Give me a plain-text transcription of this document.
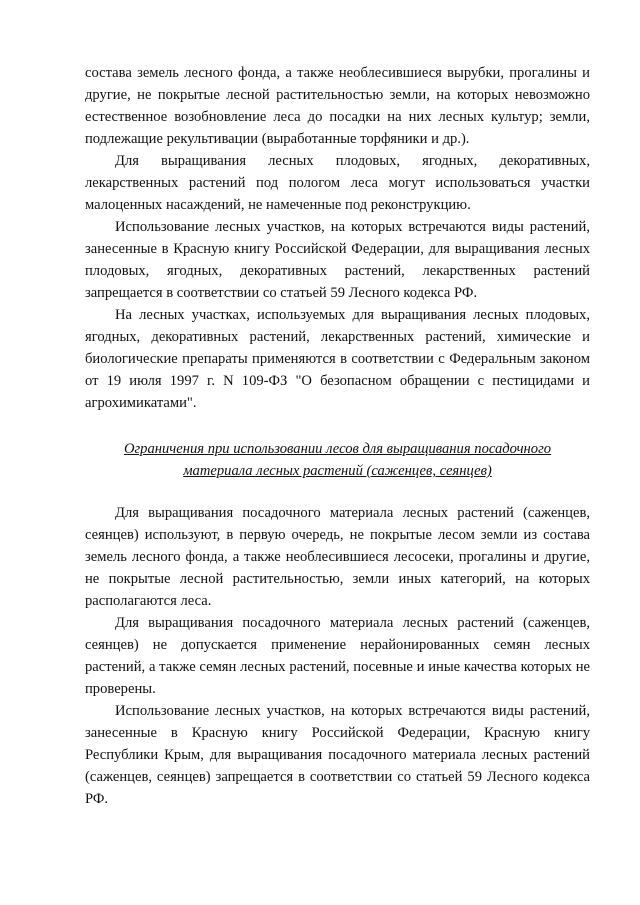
состава земель лесного фонда, а также необлесившиеся вырубки, прогалины и другие, не покрытые лесной растительностью земли, на которых невозможно естественное возобновление леса до посадки на них лесных культур; земли, подлежащие рекультивации (выработанные торфяники и др.).

Для выращивания лесных плодовых, ягодных, декоративных, лекарственных растений под пологом леса могут использоваться участки малоценных насаждений, не намеченные под реконструкцию.

Использование лесных участков, на которых встречаются виды растений, занесенные в Красную книгу Российской Федерации, для выращивания лесных плодовых, ягодных, декоративных растений, лекарственных растений запрещается в соответствии со статьей 59 Лесного кодекса РФ.

На лесных участках, используемых для выращивания лесных плодовых, ягодных, декоративных растений, лекарственных растений, химические и биологические препараты применяются в соответствии с Федеральным законом от 19 июля 1997 г. N 109-ФЗ "О безопасном обращении с пестицидами и агрохимикатами".

Ограничения при использовании лесов для выращивания посадочного
материала лесных растений (саженцев, сеянцев)

Для выращивания посадочного материала лесных растений (саженцев, сеянцев) используют, в первую очередь, не покрытые лесом земли из состава земель лесного фонда, а также необлесившиеся лесосеки, прогалины и другие, не покрытые лесной растительностью, земли иных категорий, на которых располагаются леса.

Для выращивания посадочного материала лесных растений (саженцев, сеянцев) не допускается применение нерайонированных семян лесных растений, а также семян лесных растений, посевные и иные качества которых не проверены.

Использование лесных участков, на которых встречаются виды растений, занесенные в Красную книгу Российской Федерации, Красную книгу Республики Крым, для выращивания посадочного материала лесных растений (саженцев, сеянцев) запрещается в соответствии со статьей 59 Лесного кодекса РФ.
